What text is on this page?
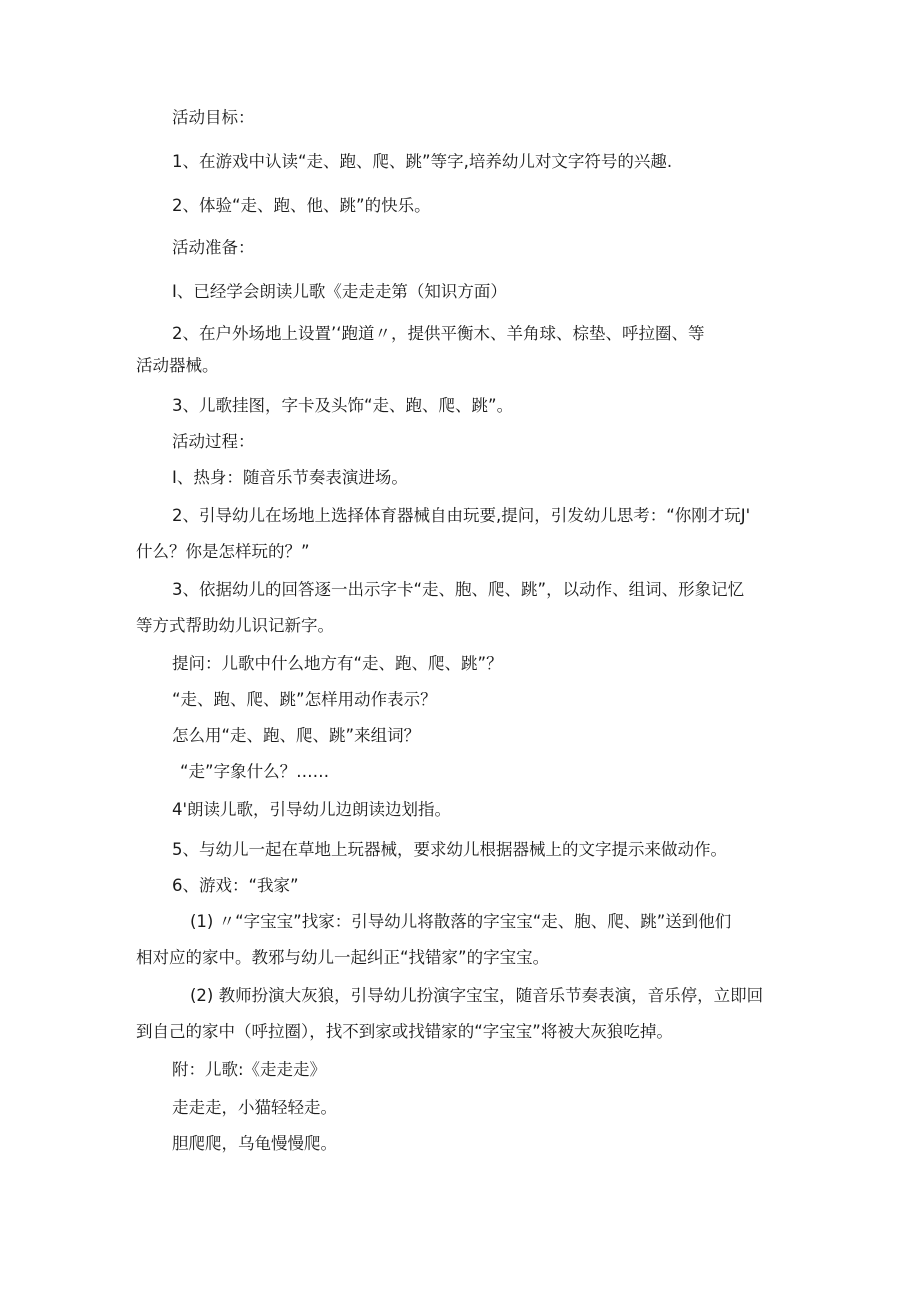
活动目标：
1、在游戏中认读“走、跑、爬、跳”等字,培养幼儿对文字符号的兴趣.
2、体验“走、跑、他、跳”的快乐。
活动准备：
I、已经学会朗读儿歌《走走走第（知识方面）
2、在户外场地上设置’‘跑道〃，提供平衡木、羊角球、棕垫、呼拉圈、等
活动器械。
3、儿歌挂图，字卡及头饰“走、跑、爬、跳”。
活动过程：
I、热身：随音乐节奏表演进场。
2、引导幼儿在场地上选择体育器械自由玩要,提问，引发幼儿思考：“你刚才玩J'
什么？你是怎样玩的？”
3、依据幼儿的回答逐一出示字卡“走、胞、爬、跳”，以动作、组词、形象记忆
等方式帮助幼儿识记新字。
提问：儿歌中什么地方有“走、跑、爬、跳”？
“走、跑、爬、跳”怎样用动作表示？
怎么用“走、跑、爬、跳”来组词？
“走”字象什么？……
4'朗读儿歌，引导幼儿边朗读边划指。
5、与幼儿一起在草地上玩器械，要求幼儿根据器械上的文字提示来做动作。
6、游戏：“我家”
(1) 〃“字宝宝”找家：引导幼儿将散落的字宝宝“走、胞、爬、跳”送到他们
相对应的家中。教邪与幼儿一起纠正“找错家”的字宝宝。
(2) 教师扮演大灰狼，引导幼儿扮演字宝宝，随音乐节奏表演，音乐停，立即回
到自己的家中（呼拉圈），找不到家或找错家的“字宝宝”将被大灰狼吃掉。
附：儿歌:《走走走》
走走走，小猫轻轻走。
胆爬爬，乌龟慢慢爬。
